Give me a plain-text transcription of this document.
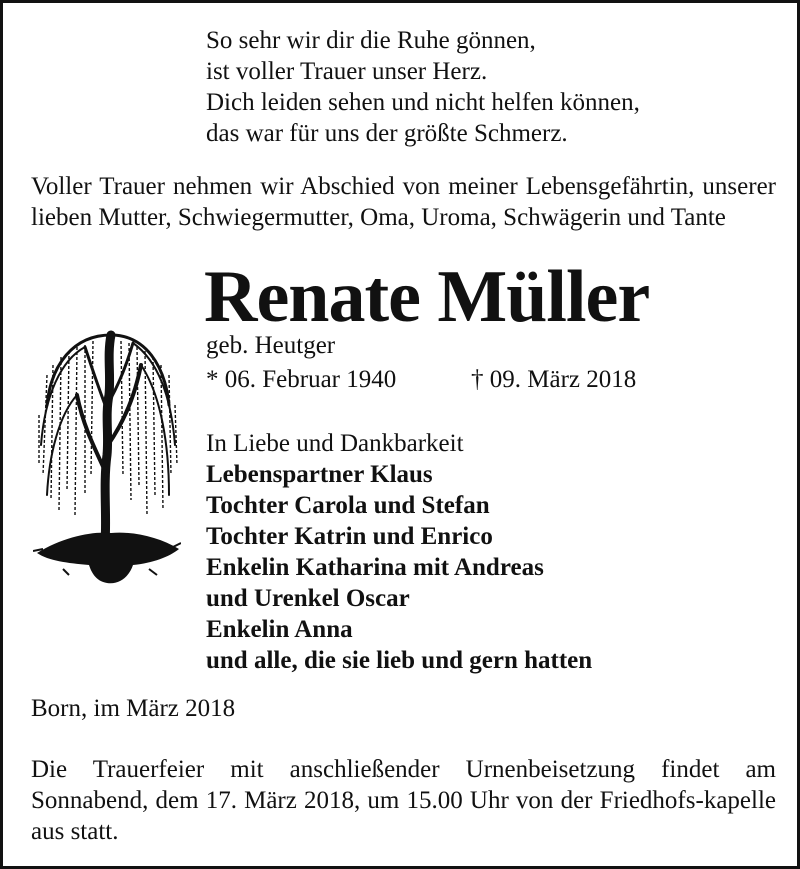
So sehr wir dir die Ruhe gönnen,
ist voller Trauer unser Herz.
Dich leiden sehen und nicht helfen können,
das war für uns der größte Schmerz.
Voller Trauer nehmen wir Abschied von meiner Lebensgefährtin, unserer lieben Mutter, Schwiegermutter, Oma, Uroma, Schwägerin und Tante
Renate Müller
geb. Heutger
* 06. Februar 1940	† 09. März 2018
In Liebe und Dankbarkeit
Lebenspartner Klaus
Tochter Carola und Stefan
Tochter Katrin und Enrico
Enkelin Katharina mit Andreas
und Urenkel Oscar
Enkelin Anna
und alle, die sie lieb und gern hatten
Born, im März 2018
Die Trauerfeier mit anschließender Urnenbeisetzung findet am Sonnabend, dem 17. März 2018, um 15.00 Uhr von der Friedhofs-kapelle aus statt.
